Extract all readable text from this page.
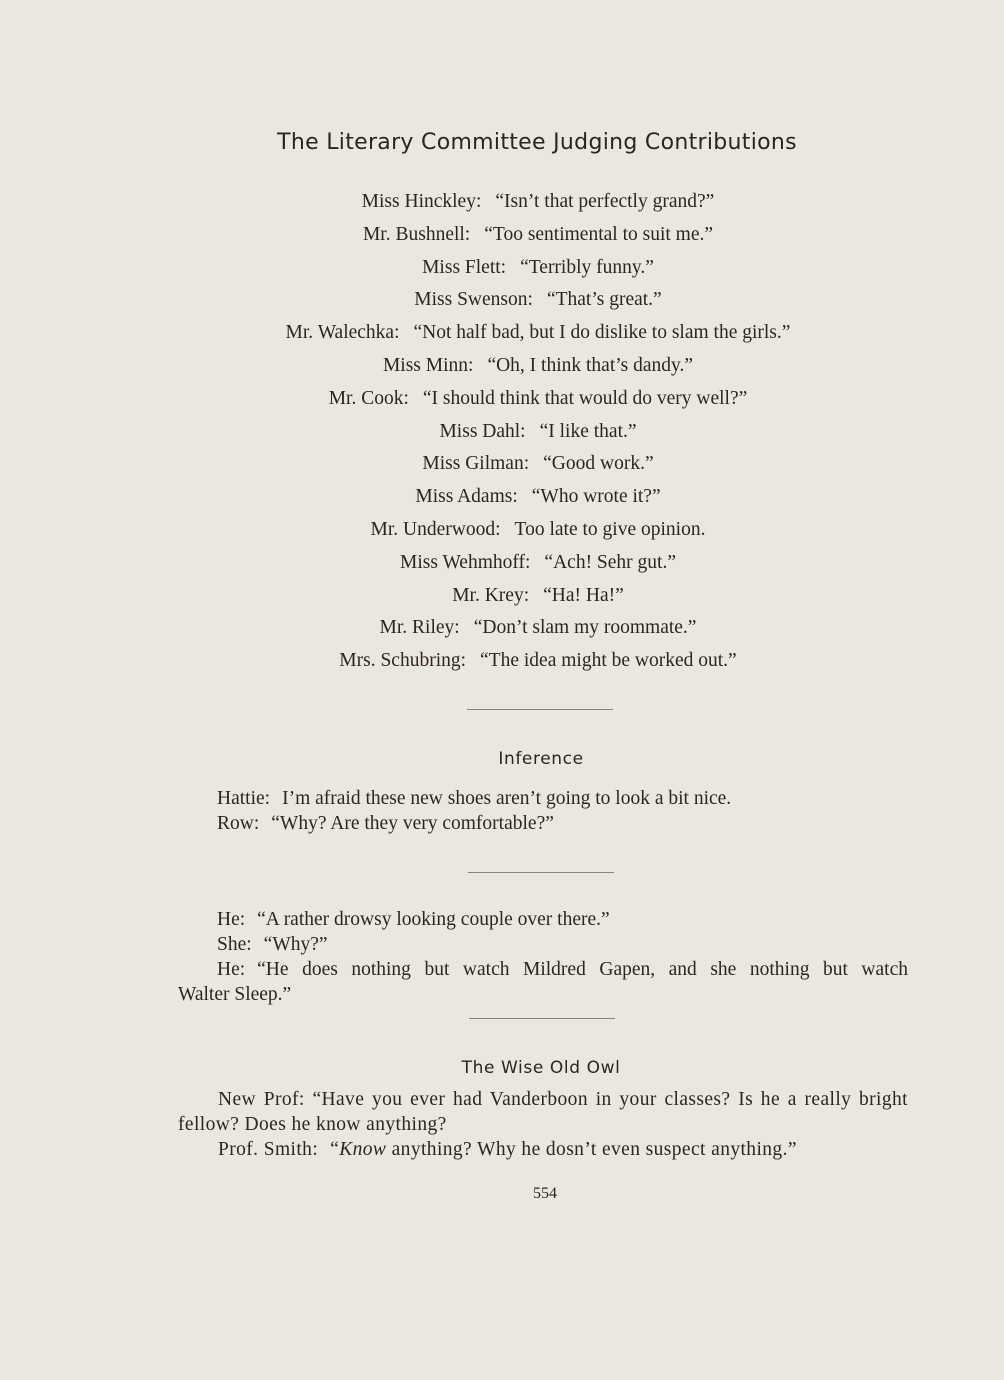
The Literary Committee Judging Contributions
Miss Hinckley: “Isn’t that perfectly grand?”
Mr. Bushnell: “Too sentimental to suit me.”
Miss Flett: “Terribly funny.”
Miss Swenson: “That’s great.”
Mr. Walechka: “Not half bad, but I do dislike to slam the girls.”
Miss Minn: “Oh, I think that’s dandy.”
Mr. Cook: “I should think that would do very well?”
Miss Dahl: “I like that.”
Miss Gilman: “Good work.”
Miss Adams: “Who wrote it?”
Mr. Underwood: Too late to give opinion.
Miss Wehmhoff: “Ach! Sehr gut.”
Mr. Krey: “Ha! Ha!”
Mr. Riley: “Don’t slam my roommate.”
Mrs. Schubring: “The idea might be worked out.”
Inference
Hattie: I’m afraid these new shoes aren’t going to look a bit nice.
Row: “Why? Are they very comfortable?”
He: “A rather drowsy looking couple over there.”
She: “Why?”
He: “He does nothing but watch Mildred Gapen, and she nothing but watch
Walter Sleep.”
The Wise Old Owl
New Prof: “Have you ever had Vanderboon in your classes? Is he a really bright fellow? Does he know anything?
Prof. Smith: “Know anything? Why he dosn’t even suspect anything.”
554
